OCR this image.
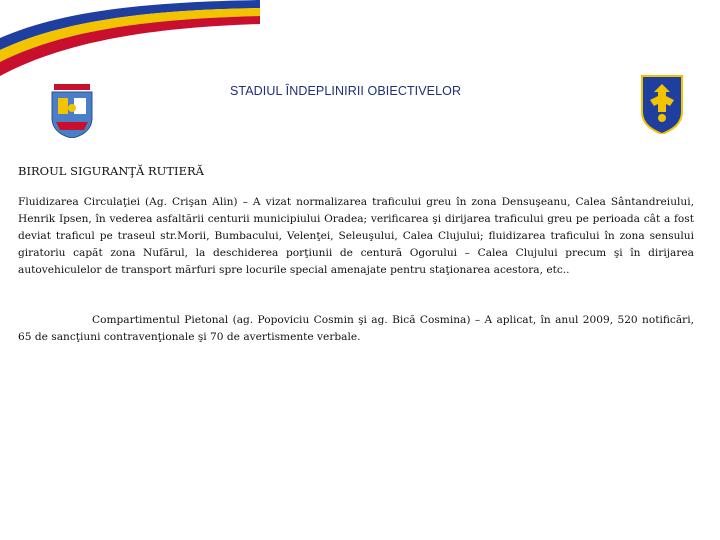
STADIUL ÎNDEPLINIRII OBIECTIVELOR
BIROUL SIGURANŢĂ RUTIERĂ

Fluidizarea Circulaţiei (Ag. Crişan Alin) – A vizat normalizarea traficului greu în zona Densuşeanu, Calea Sântandreiului, Henrik Ipsen, în vederea asfaltării centurii municipiului Oradea; verificarea şi dirijarea traficului greu pe perioada cât a fost deviat traficul pe traseul str.Morii, Bumbacului, Velenţei, Seleuşului, Calea Clujului; fluidizarea traficului în zona sensului giratoriu capăt zona Nufărul, la deschiderea porţiunii de centură Ogorului – Calea Clujului precum şi în dirijarea autovehiculelor de transport mărfuri spre locurile special amenajate pentru staţionarea acestora, etc..

Compartimentul Pietonal (ag. Popoviciu Cosmin şi ag. Bică Cosmina) – A aplicat, în anul 2009, 520 notificări, 65 de sancţiuni contravenţionale şi 70 de avertismente verbale.
